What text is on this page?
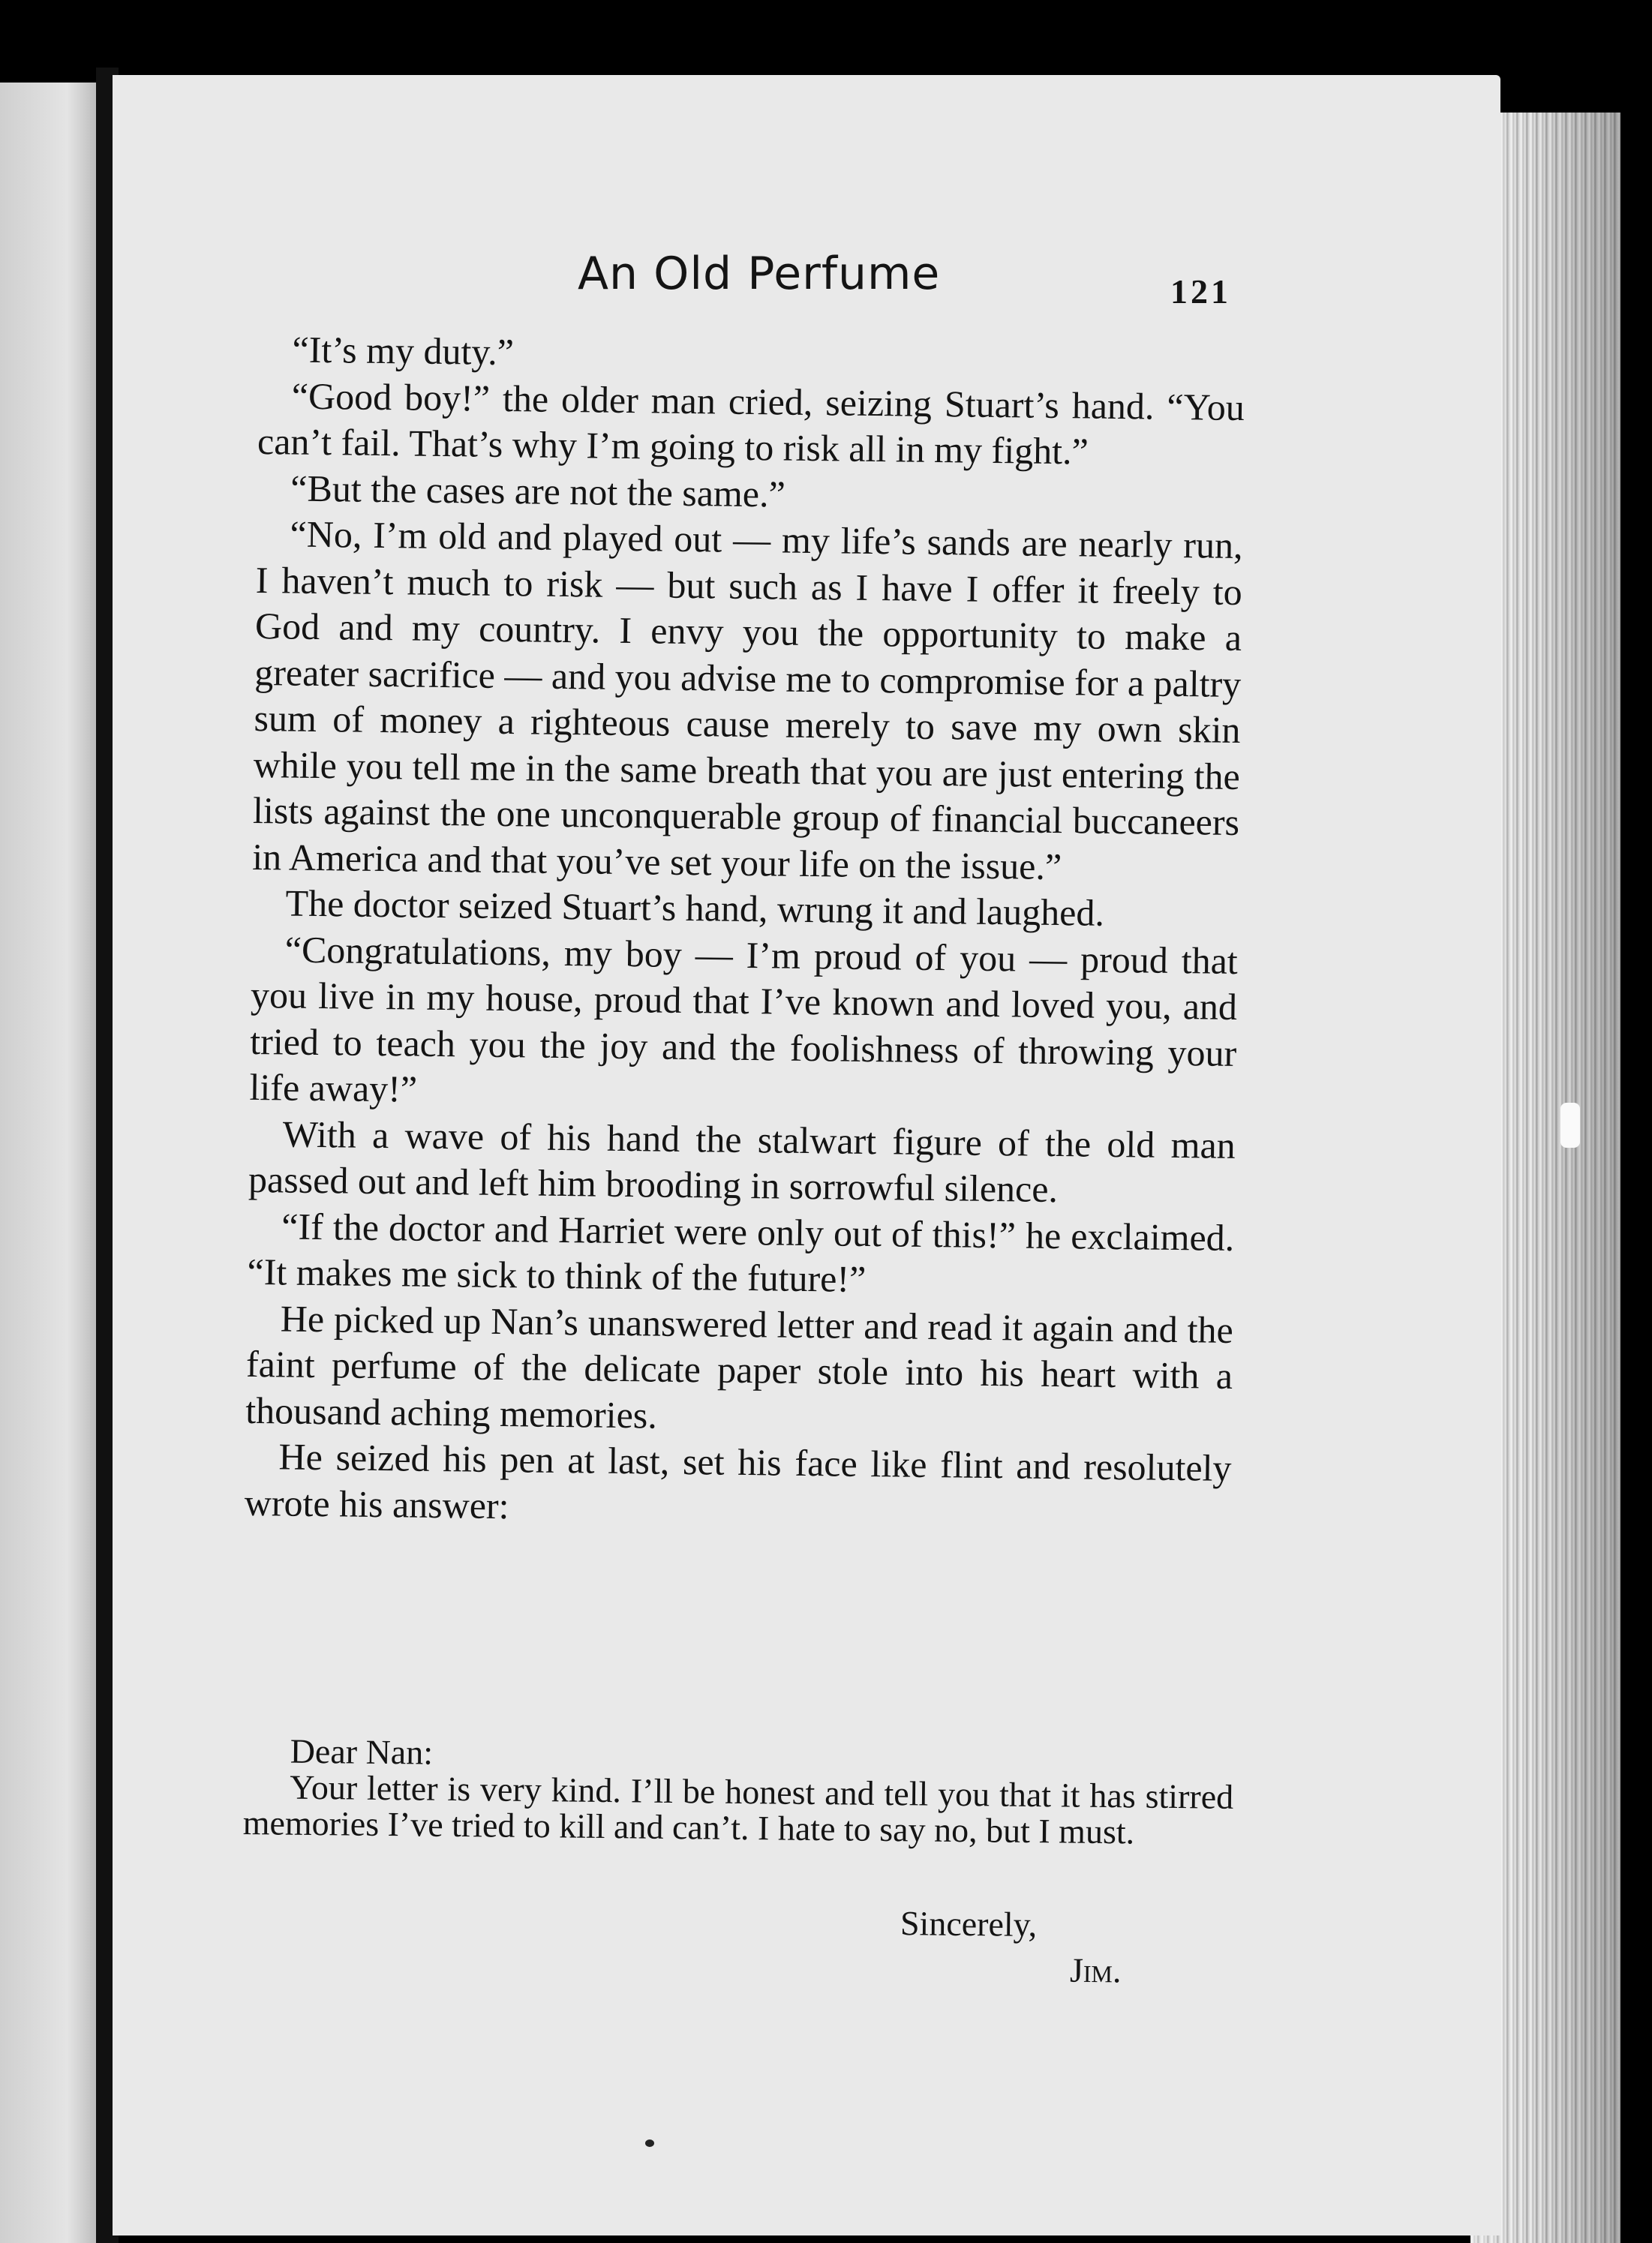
An Old Perfume	121

“It’s my duty.”

“Good boy!” the older man cried, seizing Stuart’s hand. “You can’t fail. That’s why I’m going to risk all in my fight.”

“But the cases are not the same.”

“No, I’m old and played out — my life’s sands are nearly run, I haven’t much to risk — but such as I have I offer it freely to God and my country. I envy you the opportunity to make a greater sacrifice — and you advise me to compromise for a paltry sum of money a righteous cause merely to save my own skin while you tell me in the same breath that you are just entering the lists against the one unconquerable group of financial buccaneers in America and that you’ve set your life on the issue.”

The doctor seized Stuart’s hand, wrung it and laughed.

“Congratulations, my boy — I’m proud of you — proud that you live in my house, proud that I’ve known and loved you, and tried to teach you the joy and the foolishness of throwing your life away!”

With a wave of his hand the stalwart figure of the old man passed out and left him brooding in sorrowful silence.

“If the doctor and Harriet were only out of this!” he exclaimed. “It makes me sick to think of the future!”

He picked up Nan’s unanswered letter and read it again and the faint perfume of the delicate paper stole into his heart with a thousand aching memories.

He seized his pen at last, set his face like flint and resolutely wrote his answer:

Dear Nan:

Your letter is very kind. I’ll be honest and tell you that it has stirred memories I’ve tried to kill and can’t. I hate to say no, but I must.

Sincerely,
Jim.
